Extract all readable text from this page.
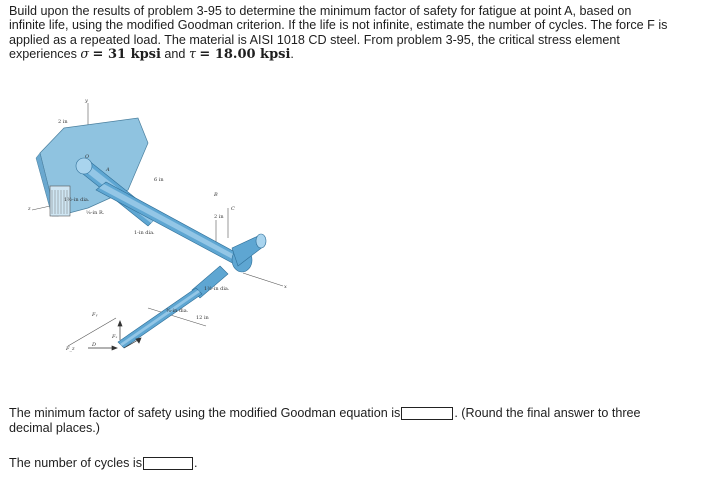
Build upon the results of problem 3-95 to determine the minimum factor of safety for fatigue at point A, based on

infinite life, using the modified Goodman criterion. If the life is not infinite, estimate the number of cycles. The force F is

applied as a repeated load. The material is AISI 1018 CD steel. From problem 3-95, the critical stress element

experiences σ = 31 kpsi and τ = 18.00 kpsi.

y
2 in
O
A
6 in
1½-in dia.
⅛-in R.
z
B
2 in
C
1-in dia.
1½-in dia.	x
Fᵧ
¾-in dia.
12 in
F_z
D
Fₓ
The minimum factor of safety using the modified Goodman equation is	. (Round the final answer to three
decimal places.)
The number of cycles is	.
